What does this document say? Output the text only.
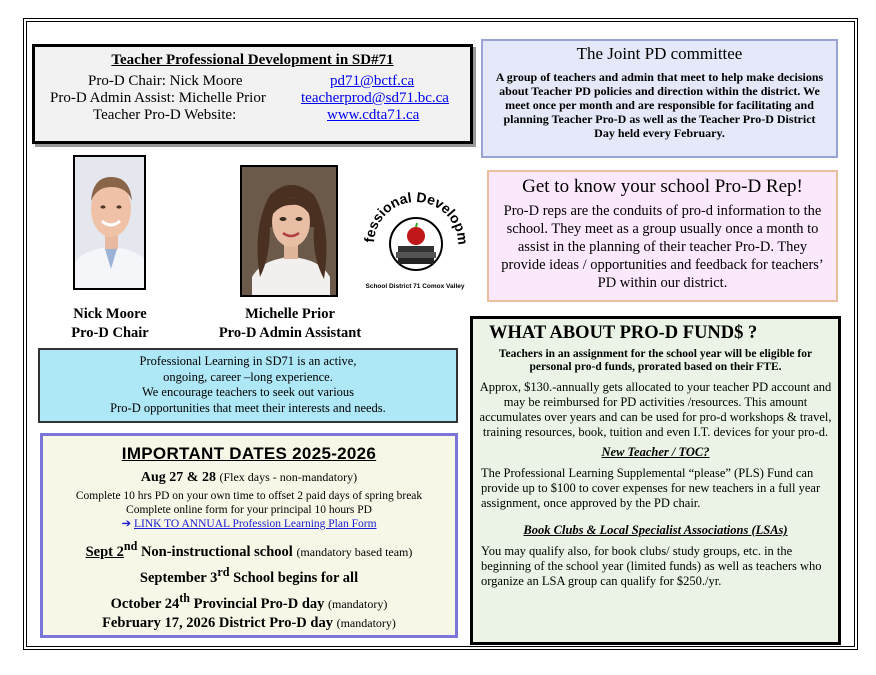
Teacher Professional Development in SD#71
Pro-D Chair: Nick Moore	pd71@bctf.ca
Pro-D Admin Assist: Michelle Prior teacherprod@sd71.bc.ca
Teacher Pro-D Website:	www.cdta71.ca
The Joint PD committee

A group of teachers and admin that meet to help make decisions about Teacher PD policies and direction within the district. We meet once per month and are responsible for facilitating and planning Teacher Pro-D as well as the Teacher Pro-D District Day held every February.

Nick Moore
Pro-D Chair
Michelle Prior
Pro-D Admin Assistant
fessional Developm
School District 71 Comox Valley
Get to know your school Pro-D Rep!

Pro-D reps are the conduits of pro-d information to the school. They meet as a group usually once a month to assist in the planning of their teacher Pro-D. They provide ideas / opportunities and feedback for teachers’ PD within our district.

Professional Learning in SD71 is an active,
ongoing, career –long experience.
We encourage teachers to seek out various
Pro-D opportunities that meet their interests and needs.
IMPORTANT DATES 2025-2026
Aug 27 & 28 (Flex days - non-mandatory)
Complete 10 hrs PD on your own time to offset 2 paid days of spring break
Complete online form for your principal 10 hours PD
➔ LINK TO ANNUAL Profession Learning Plan Form
Sept 2nd Non-instructional school (mandatory based team)
September 3rd School begins for all
October 24th Provincial Pro-D day (mandatory)
February 17, 2026 District Pro-D day (mandatory)
WHAT ABOUT PRO-D FUND$ ?
Teachers in an assignment for the school year will be eligible for personal pro-d funds, prorated based on their FTE.
Approx, $130.-annually gets allocated to your teacher PD account and may be reimbursed for PD activities /resources. This amount accumulates over years and can be used for pro-d workshops & travel, training resources, book, tuition and even I.T. devices for your pro-d.
New Teacher / TOC?
The Professional Learning Supplemental “please” (PLS) Fund can provide up to $100 to cover expenses for new teachers in a full year assignment, once approved by the PD chair.
Book Clubs & Local Specialist Associations (LSAs)
You may qualify also, for book clubs/ study groups, etc. in the beginning of the school year (limited funds) as well as teachers who organize an LSA group can qualify for $250./yr.
